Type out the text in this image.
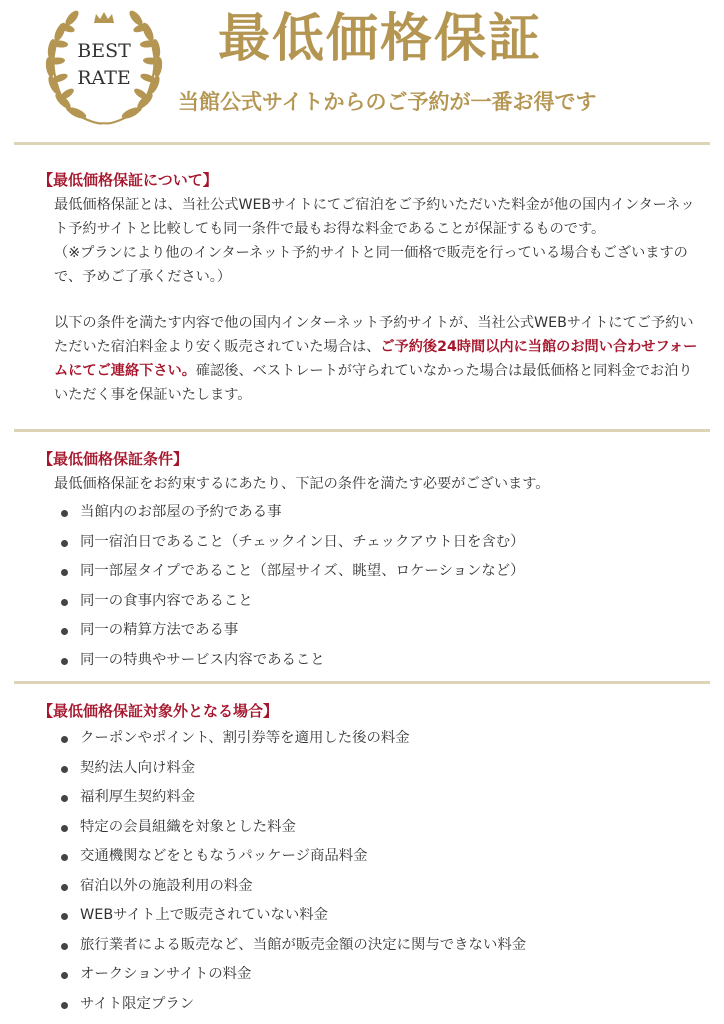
BEST
RATE
最低価格保証

当館公式サイトからのご予約が一番お得です

【最低価格保証について】

最低価格保証とは、当社公式WEBサイトにてご宿泊をご予約いただいた料金が他の国内インターネット予約サイトと比較しても同一条件で最もお得な料金であることが保証するものです。

（※プランにより他のインターネット予約サイトと同一価格で販売を行っている場合もございますので、予めご了承ください。）

以下の条件を満たす内容で他の国内インターネット予約サイトが、当社公式WEBサイトにてご予約いただいた宿泊料金より安く販売されていた場合は、ご予約後24時間以内に当館のお問い合わせフォームにてご連絡下さい。確認後、ベストレートが守られていなかった場合は最低価格と同料金でお泊りいただく事を保証いたします。

【最低価格保証条件】

最低価格保証をお約束するにあたり、下記の条件を満たす必要がございます。

当館内のお部屋の予約である事
同一宿泊日であること（チェックイン日、チェックアウト日を含む）
同一部屋タイプであること（部屋サイズ、眺望、ロケーションなど）
同一の食事内容であること
同一の精算方法である事
同一の特典やサービス内容であること
【最低価格保証対象外となる場合】
クーポンやポイント、割引券等を適用した後の料金
契約法人向け料金
福利厚生契約料金
特定の会員組織を対象とした料金
交通機関などをともなうパッケージ商品料金
宿泊以外の施設利用の料金
WEBサイト上で販売されていない料金
旅行業者による販売など、当館が販売金額の決定に関与できない料金
オークションサイトの料金
サイト限定プラン
